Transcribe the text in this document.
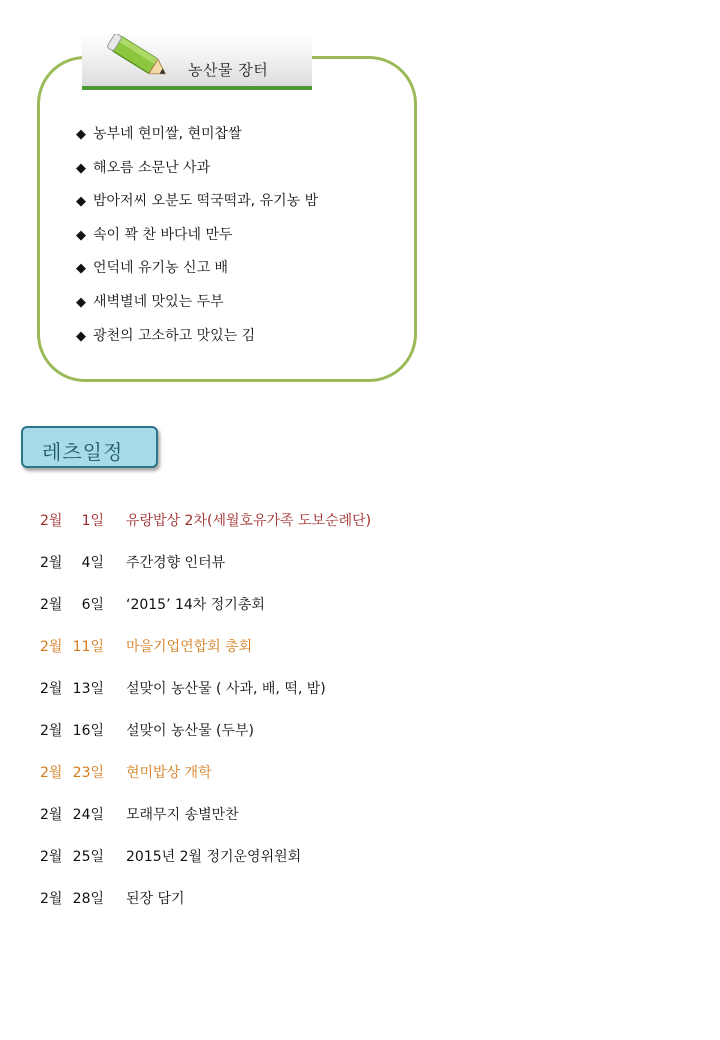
농산물 장터
◆ 농부네 현미쌀, 현미찹쌀
◆ 해오름 소문난 사과
◆ 밤아저씨 오분도 떡국떡과, 유기농 밤
◆ 속이 꽉 찬 바다네 만두
◆ 언덕네 유기농 신고 배
◆ 새벽별네 맛있는 두부
◆ 광천의 고소하고 맛있는 김
레츠일정
2월	1일 유랑밥상 2차(세월호유가족 도보순례단)
2월	4일 주간경향 인터뷰
2월	6일 ‘2015’ 14차 정기총회
2월 11일 마을기업연합회 총회
2월 13일 설맞이 농산물 ( 사과, 배, 떡, 밤)
2월 16일 설맞이 농산물 (두부)
2월 23일 현미밥상 개학
2월 24일 모래무지 송별만찬
2월 25일 2015년 2월 정기운영위원회
2월 28일 된장 담기
